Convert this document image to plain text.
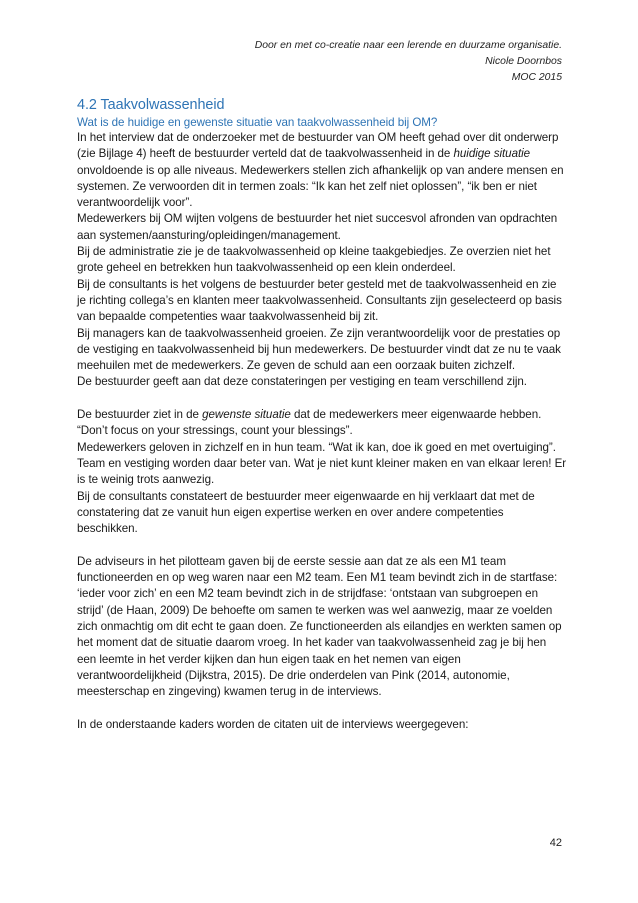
Door en met co-creatie naar een lerende en duurzame organisatie.
Nicole Doornbos
MOC 2015
4.2 Taakvolwassenheid

Wat is de huidige en gewenste situatie van taakvolwassenheid bij OM?

In het interview dat de onderzoeker met de bestuurder van OM heeft gehad over dit onderwerp (zie Bijlage 4) heeft de bestuurder verteld dat de taakvolwassenheid in de huidige situatie onvoldoende is op alle niveaus. Medewerkers stellen zich afhankelijk op van andere mensen en systemen. Ze verwoorden dit in termen zoals: “Ik kan het zelf niet oplossen”, “ik ben er niet verantwoordelijk voor”.

Medewerkers bij OM wijten volgens de bestuurder het niet succesvol afronden van opdrachten aan systemen/aansturing/opleidingen/management.

Bij de administratie zie je de taakvolwassenheid op kleine taakgebiedjes. Ze overzien niet het grote geheel en betrekken hun taakvolwassenheid op een klein onderdeel.

Bij de consultants is het volgens de bestuurder beter gesteld met de taakvolwassenheid en zie je richting collega’s en klanten meer taakvolwassenheid. Consultants zijn geselecteerd op basis van bepaalde competenties waar taakvolwassenheid bij zit.

Bij managers kan de taakvolwassenheid groeien. Ze zijn verantwoordelijk voor de prestaties op de vestiging en taakvolwassenheid bij hun medewerkers. De bestuurder vindt dat ze nu te vaak meehuilen met de medewerkers. Ze geven de schuld aan een oorzaak buiten zichzelf.

De bestuurder geeft aan dat deze constateringen per vestiging en team verschillend zijn.

De bestuurder ziet in de gewenste situatie dat de medewerkers meer eigenwaarde hebben.

“Don’t focus on your stressings, count your blessings”.

Medewerkers geloven in zichzelf en in hun team. “Wat ik kan, doe ik goed en met overtuiging”. Team en vestiging worden daar beter van. Wat je niet kunt kleiner maken en van elkaar leren! Er is te weinig trots aanwezig.

Bij de consultants constateert de bestuurder meer eigenwaarde en hij verklaart dat met de constatering dat ze vanuit hun eigen expertise werken en over andere competenties beschikken.

De adviseurs in het pilotteam gaven bij de eerste sessie aan dat ze als een M1 team functioneerden en op weg waren naar een M2 team. Een M1 team bevindt zich in de startfase: ‘ieder voor zich’ en een M2 team bevindt zich in de strijdfase: ‘ontstaan van subgroepen en strijd’ (de Haan, 2009) De behoefte om samen te werken was wel aanwezig, maar ze voelden zich onmachtig om dit echt te gaan doen. Ze functioneerden als eilandjes en werkten samen op het moment dat de situatie daarom vroeg. In het kader van taakvolwassenheid zag je bij hen een leemte in het verder kijken dan hun eigen taak en het nemen van eigen verantwoordelijkheid (Dijkstra, 2015). De drie onderdelen van Pink (2014, autonomie, meesterschap en zingeving) kwamen terug in de interviews.

In de onderstaande kaders worden de citaten uit de interviews weergegeven:

42
